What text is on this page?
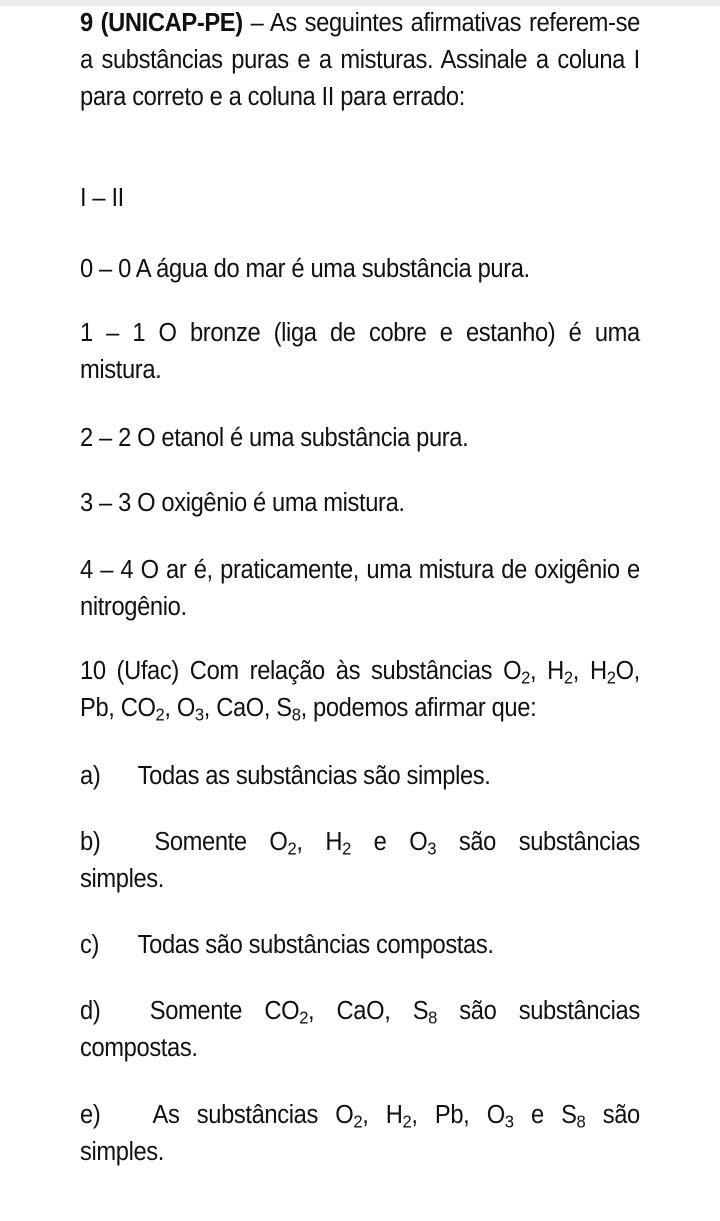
9 (UNICAP-PE) – As seguintes afirmativas referem-se a substâncias puras e a misturas. Assinale a coluna I para correto e a coluna II para errado:

I – II

0 – 0 A água do mar é uma substância pura.

1 – 1 O bronze (liga de cobre e estanho) é uma mistura.

2 – 2 O etanol é uma substância pura.

3 – 3 O oxigênio é uma mistura.

4 – 4 O ar é, praticamente, uma mistura de oxigênio e nitrogênio.

10 (Ufac) Com relação às substâncias $O_2$, $H_2$, $H_2O$, Pb, $CO_2$, $O_3$, CaO, $S_8$, podemos afirmar que:

a) Todas as substâncias são simples.

b) Somente $O_2$, $H_2$ e $O_3$ são substâncias

simples.

c) Todas são substâncias compostas.

d) Somente $CO_2$, CaO, $S_8$ são substâncias

compostas.

e) As substâncias $O_2$, $H_2$, Pb, $O_3$ e $S_8$ são

simples.
